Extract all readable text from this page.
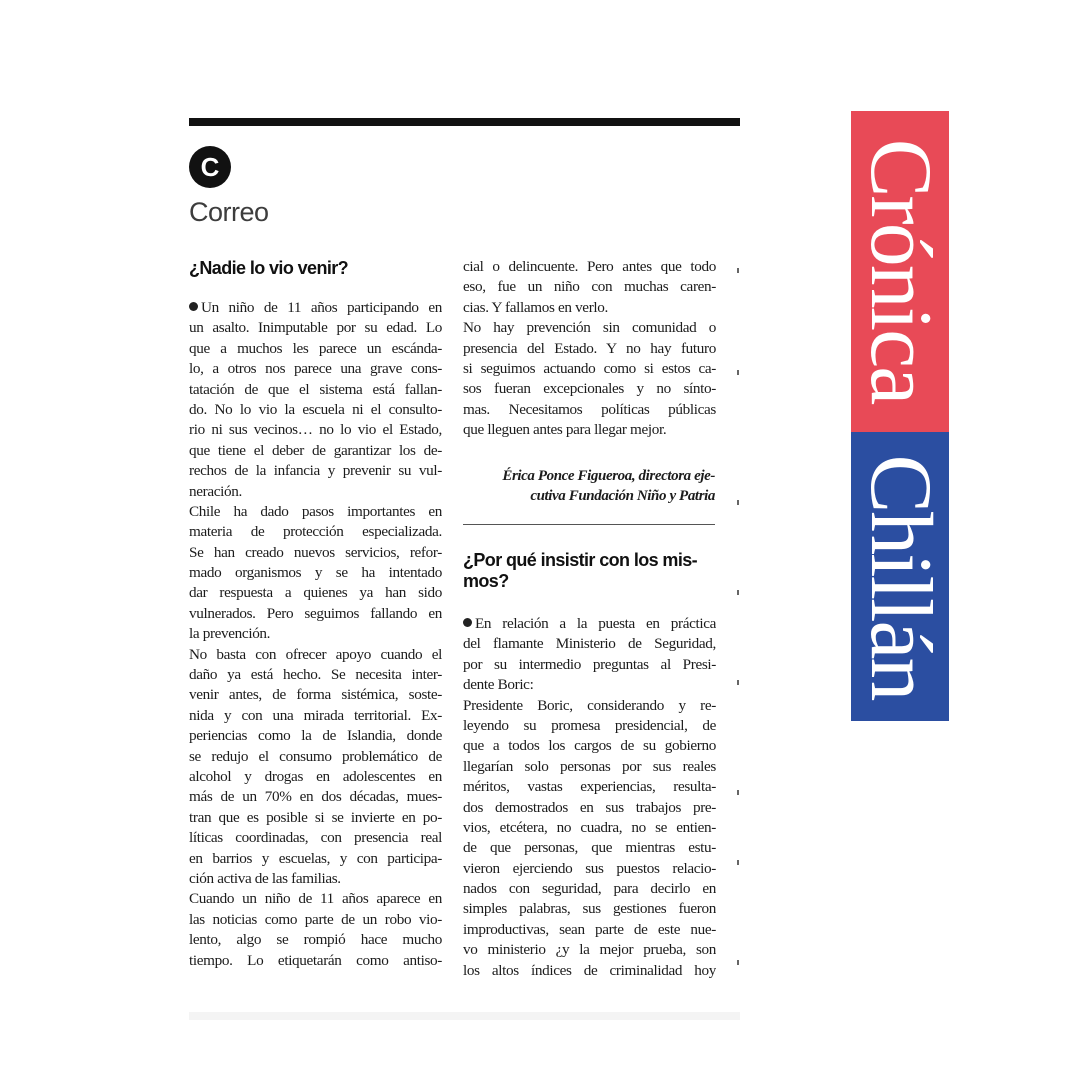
C
Correo
¿Nadie lo vio venir?
Un niño de 11 años participando en
un asalto. Inimputable por su edad. Lo
que a muchos les parece un escánda-
lo, a otros nos parece una grave cons-
tatación de que el sistema está fallan-
do. No lo vio la escuela ni el consulto-
rio ni sus vecinos… no lo vio el Estado,
que tiene el deber de garantizar los de-
rechos de la infancia y prevenir su vul-
neración.
Chile ha dado pasos importantes en
materia de protección especializada.
Se han creado nuevos servicios, refor-
mado organismos y se ha intentado
dar respuesta a quienes ya han sido
vulnerados. Pero seguimos fallando en
la prevención.
No basta con ofrecer apoyo cuando el
daño ya está hecho. Se necesita inter-
venir antes, de forma sistémica, soste-
nida y con una mirada territorial. Ex-
periencias como la de Islandia, donde
se redujo el consumo problemático de
alcohol y drogas en adolescentes en
más de un 70% en dos décadas, mues-
tran que es posible si se invierte en po-
líticas coordinadas, con presencia real
en barrios y escuelas, y con participa-
ción activa de las familias.
Cuando un niño de 11 años aparece en
las noticias como parte de un robo vio-
lento, algo se rompió hace mucho
tiempo. Lo etiquetarán como antiso-
cial o delincuente. Pero antes que todo
eso, fue un niño con muchas caren-
cias. Y fallamos en verlo.
No hay prevención sin comunidad o
presencia del Estado. Y no hay futuro
si seguimos actuando como si estos ca-
sos fueran excepcionales y no sínto-
mas. Necesitamos políticas públicas
que lleguen antes para llegar mejor.

Érica Ponce Figueroa, directora eje-
cutiva Fundación Niño y Patria

¿Por qué insistir con los mis-
mos?
En relación a la puesta en práctica
del flamante Ministerio de Seguridad,
por su intermedio preguntas al Presi-
dente Boric:
Presidente Boric, considerando y re-
leyendo su promesa presidencial, de
que a todos los cargos de su gobierno
llegarían solo personas por sus reales
méritos, vastas experiencias, resulta-
dos demostrados en sus trabajos pre-
vios, etcétera, no cuadra, no se entien-
de que personas, que mientras estu-
vieron ejerciendo sus puestos relacio-
nados con seguridad, para decirlo en
simples palabras, sus gestiones fueron
improductivas, sean parte de este nue-
vo ministerio ¿y la mejor prueba, son
los altos índices de criminalidad hoy
Crónica
Chillán
